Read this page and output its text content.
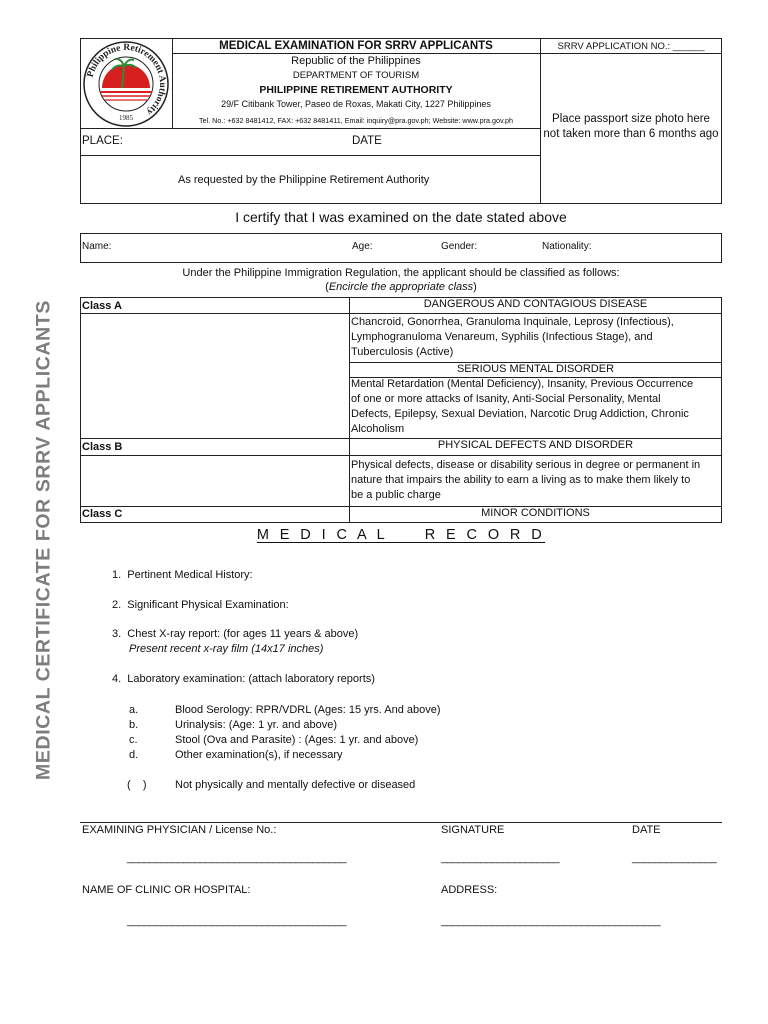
MEDICAL CERTIFICATE FOR SRRV APPLICANTS
Philippine Retirement Authority
1985
MEDICAL EXAMINATION FOR SRRV APPLICANTS	SRRV APPLICATION NO.: ______
Republic of the Philippines
DEPARTMENT OF TOURISM
PHILIPPINE RETIREMENT AUTHORITY
29/F Citibank Tower, Paseo de Roxas, Makati City, 1227 Philippines
Tel. No.: +632 8481412, FAX: +632 8481411, Email: inquiry@pra.gov.ph; Website: www.pra.gov.ph	Place passport size photo here
not taken more than 6 months ago
PLACE:	DATE
As requested by the Philippine Retirement Authority
I certify that I was examined on the date stated above
Name:	Age:	Gender:	Nationality:
Under the Philippine Immigration Regulation, the applicant should be classified as follows:
(Encircle the appropriate class)
Class A	DANGEROUS AND CONTAGIOUS DISEASE
Chancroid, Gonorrhea, Granuloma Inquinale, Leprosy (Infectious),
Lymphogranuloma Venareum, Syphilis (Infectious Stage), and
Tuberculosis (Active)
SERIOUS MENTAL DISORDER
Mental Retardation (Mental Deficiency), Insanity, Previous Occurrence
of one or more attacks of Isanity, Anti-Social Personality, Mental
Defects, Epilepsy, Sexual Deviation, Narcotic Drug Addiction, Chronic
Alcoholism
Class B	PHYSICAL DEFECTS AND DISORDER
Physical defects, disease or disability serious in degree or permanent in
nature that impairs the ability to earn a living as to make them likely to
be a public charge
Class C	MINOR CONDITIONS
M E D I C A L     R E C O R D
1.  Pertinent Medical History:
2.  Significant Physical Examination:
3.  Chest X-ray report: (for ages 11 years & above)
Present recent x-ray film (14x17 inches)
4.  Laboratory examination: (attach laboratory reports)
a.	Blood Serology: RPR/VDRL (Ages: 15 yrs. And above)
b.	Urinalysis: (Age: 1 yr. and above)
c.	Stool (Ova and Parasite) : (Ages: 1 yr. and above)
d.	Other examination(s), if necessary
(    )	Not physically and mentally defective or diseased
EXAMINING PHYSICIAN / License No.:	SIGNATURE	DATE
_______________________________________	_____________________	_______________
NAME OF CLINIC OR HOSPITAL:	ADDRESS:
_______________________________________	_______________________________________
